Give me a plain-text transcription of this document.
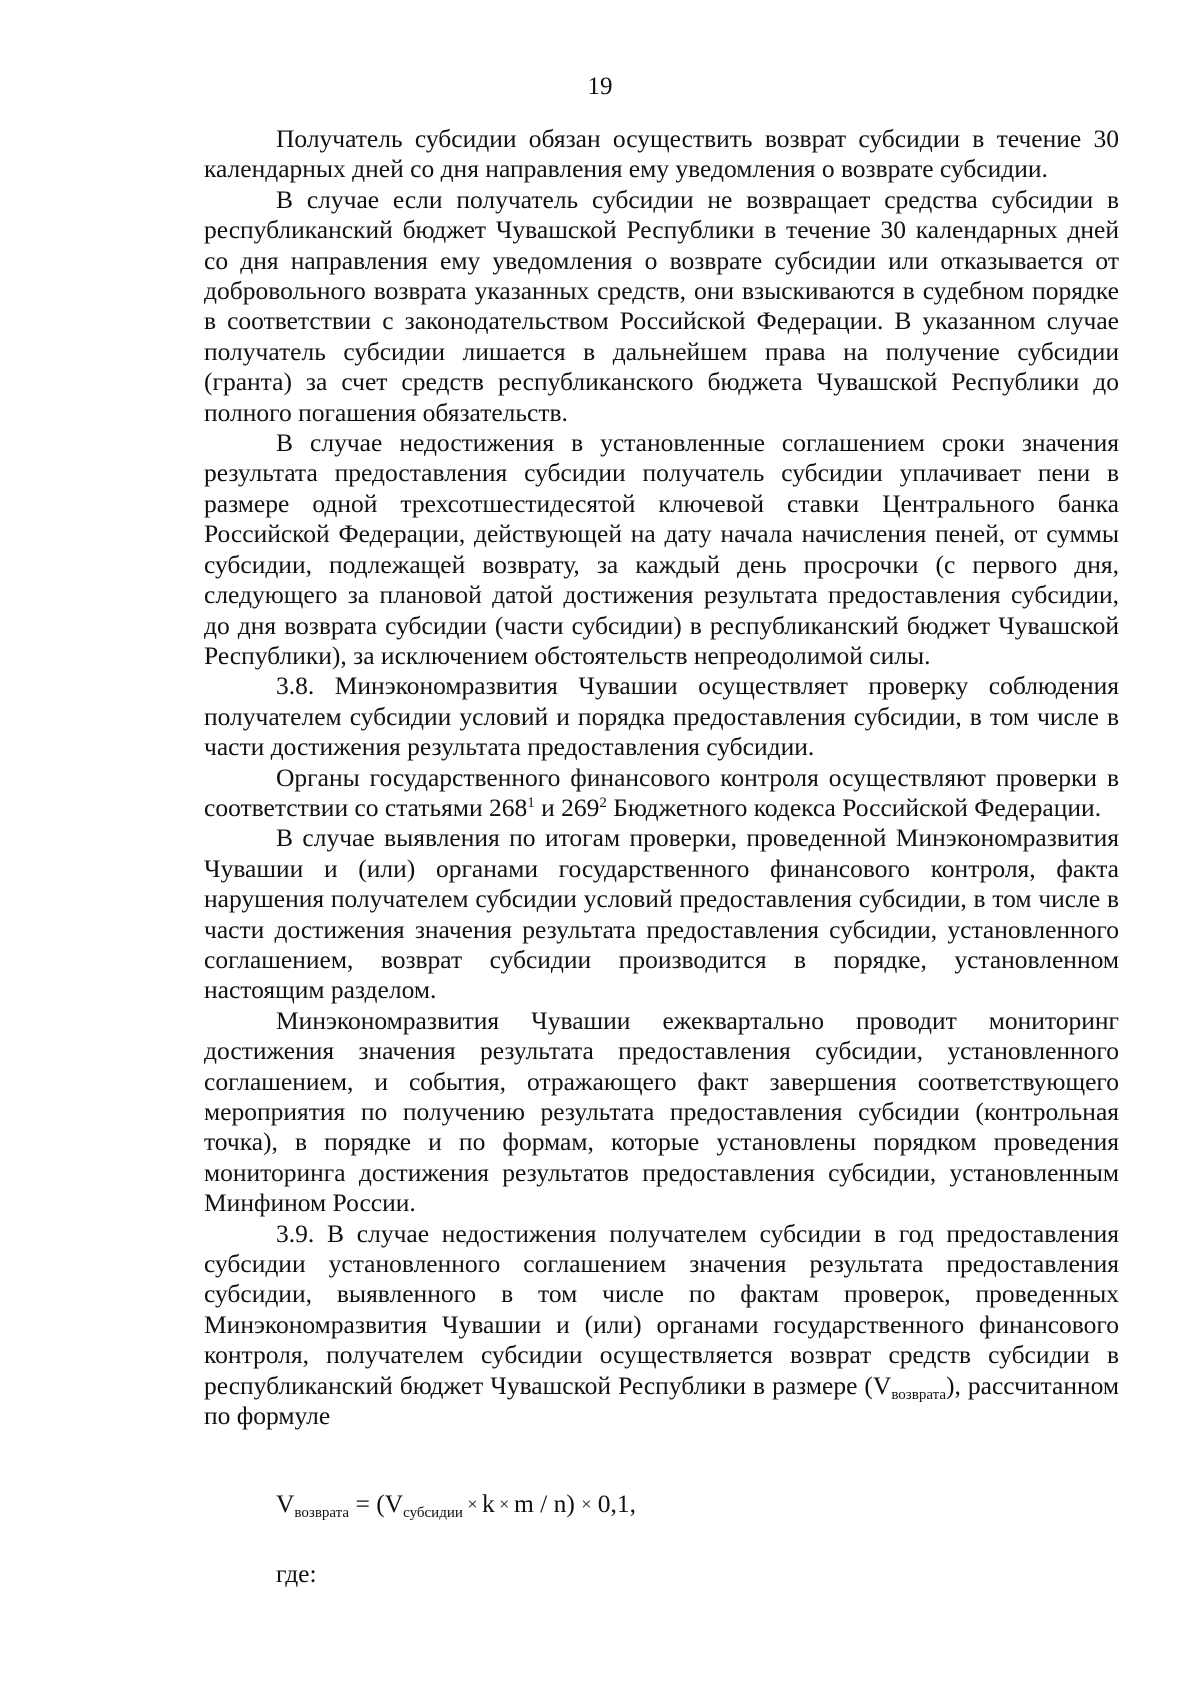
19

Получатель субсидии обязан осуществить возврат субсидии в течение 30 календарных дней со дня направления ему уведомления о возврате субсидии.

В случае если получатель субсидии не возвращает средства субсидии в республиканский бюджет Чувашской Республики в течение 30 календарных дней со дня направления ему уведомления о возврате субсидии или отказывается от добровольного возврата указанных средств, они взыскиваются в судебном порядке в соответствии с законодательством Российской Федерации. В указанном случае получатель субсидии лишается в дальнейшем права на получение субсидии (гранта) за счет средств республиканского бюджета Чувашской Республики до полного погашения обязательств.

В случае недостижения в установленные соглашением сроки значения результата предоставления субсидии получатель субсидии уплачивает пени в размере одной трехсотшестидесятой ключевой ставки Центрального банка Российской Федерации, действующей на дату начала начисления пеней, от суммы субсидии, подлежащей возврату, за каждый день просрочки (с первого дня, следующего за плановой датой достижения результата предоставления субсидии, до дня возврата субсидии (части субсидии) в республиканский бюджет Чувашской Республики), за исключением обстоятельств непреодолимой силы.

3.8. Минэкономразвития Чувашии осуществляет проверку соблюдения получателем субсидии условий и порядка предоставления субсидии, в том числе в части достижения результата предоставления субсидии.

Органы государственного финансового контроля осуществляют проверки в соответствии со статьями $268^1$ и $269^2$ Бюджетного кодекса Российской Федерации.

В случае выявления по итогам проверки, проведенной Минэкономразвития Чувашии и (или) органами государственного финансового контроля, факта нарушения получателем субсидии условий предоставления субсидии, в том числе в части достижения значения результата предоставления субсидии, установленного соглашением, возврат субсидии производится в порядке, установленном настоящим разделом.

Минэкономразвития Чувашии ежеквартально проводит мониторинг достижения значения результата предоставления субсидии, установленного соглашением, и события, отражающего факт завершения соответствующего мероприятия по получению результата предоставления субсидии (контрольная точка), в порядке и по формам, которые установлены порядком проведения мониторинга достижения результатов предоставления субсидии, установленным Минфином России.

3.9. В случае недостижения получателем субсидии в год предоставления субсидии установленного соглашением значения результата предоставления субсидии, выявленного в том числе по фактам проверок, проведенных Минэкономразвития Чувашии и (или) органами государственного финансового контроля, получателем субсидии осуществляется возврат средств субсидии в республиканский бюджет Чувашской Республики в размере $(V_{возврата})$, рассчитанном по формуле

$V_{возврата} = (V_{субсидии} \times k \times m / n) \times 0,1$,
где:
